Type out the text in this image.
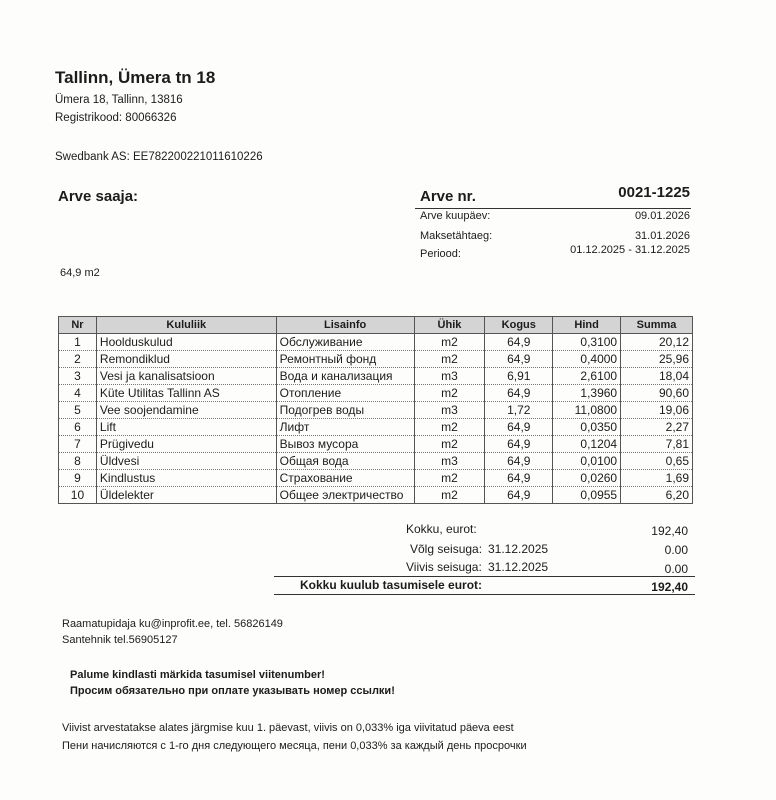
Tallinn, Ümera tn 18
Ümera 18, Tallinn, 13816
Registrikood: 80066326
Swedbank AS: EE782200221011610226
Arve saaja:
64,9 m2
Arve nr.	0021-1225
Arve kuupäev:	09.01.2026
Maksetähtaeg:	31.01.2026
Periood:	01.12.2025 - 31.12.2025
Nr	Kululiik	Lisainfo	Ühik	Kogus	Hind	Summa
1	Hoolduskulud	Обслуживание	m2	64,9	0,3100	20,12
2	Remondiklud	Ремонтный фонд	m2	64,9	0,4000	25,96
3	Vesi ja kanalisatsioon	Вода и канализация	m3	6,91	2,6100	18,04
4	Küte Utilitas Tallinn AS	Отопление	m2	64,9	1,3960	90,60
5	Vee soojendamine	Подогрев воды	m3	1,72	11,0800	19,06
6	Lift	Лифт	m2	64,9	0,0350	2,27
7	Prügivedu	Вывоз мусора	m2	64,9	0,1204	7,81
8	Üldvesi	Общая вода	m3	64,9	0,0100	0,65
9	Kindlustus	Страхование	m2	64,9	0,0260	1,69
10	Üldelekter	Общее электричество	m2	64,9	0,0955	6,20
Kokku, eurot:	192,40
Võlg seisuga: 31.12.2025	0.00
Viivis seisuga: 31.12.2025	0.00
Kokku kuulub tasumisele eurot:	192,40
Raamatupidaja ku@inprofit.ee, tel. 56826149
Santehnik tel.56905127
Palume kindlasti märkida tasumisel viitenumber!
Просим обязательно при оплате указывать номер ссылки!
Viivist arvestatakse alates järgmise kuu 1. päevast, viivis on 0,033% iga viivitatud päeva eest
Пени начисляются с 1-го дня следующего месяца, пени 0,033% за каждый день просрочки
